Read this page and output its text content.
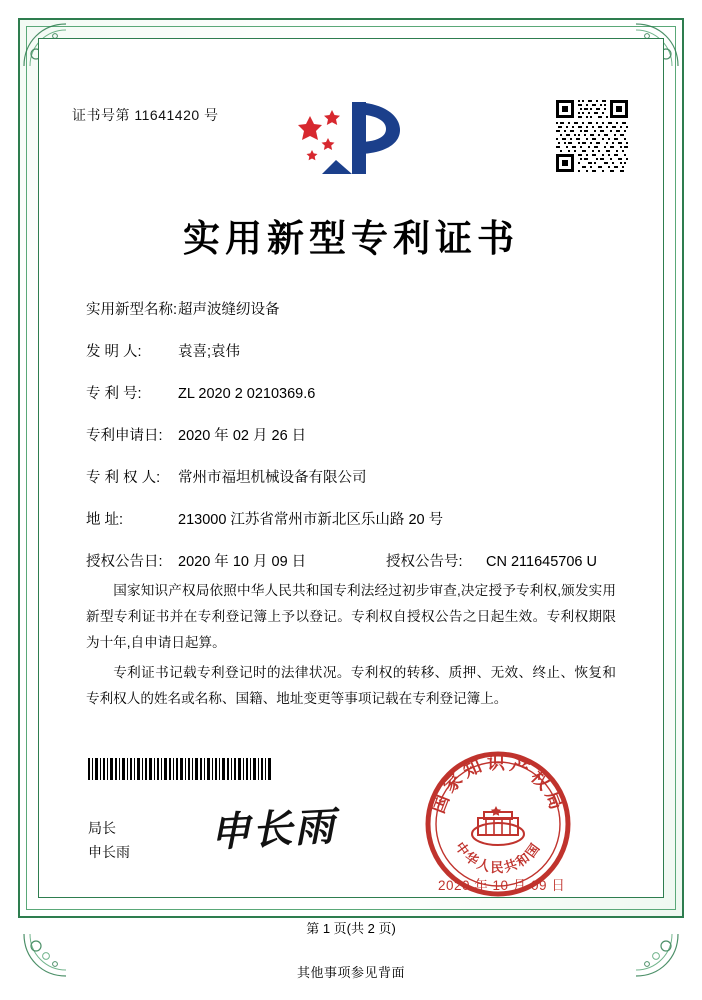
证书号第 11641420 号
实用新型专利证书
实用新型名称: 超声波缝纫设备
发 明 人:	袁喜;袁伟
专 利 号:	ZL 2020 2 0210369.6
专利申请日:	2020 年 02 月 26 日
专 利 权 人:	常州市福坦机械设备有限公司
地 址:	213000 江苏省常州市新北区乐山路 20 号
授权公告日:	2020 年 10 月 09 日	授权公告号:	CN 211645706 U

国家知识产权局依照中华人民共和国专利法经过初步审查,决定授予专利权,颁发实用新型专利证书并在专利登记簿上予以登记。专利权自授权公告之日起生效。专利权期限为十年,自申请日起算。

专利证书记载专利登记时的法律状况。专利权的转移、质押、无效、终止、恢复和专利权人的姓名或名称、国籍、地址变更等事项记载在专利登记簿上。

局长
申长雨 申长雨
国家知识产权局
中华人民共和国
2020 年 10 月 09 日
第 1 页(共 2 页)
其他事项参见背面
